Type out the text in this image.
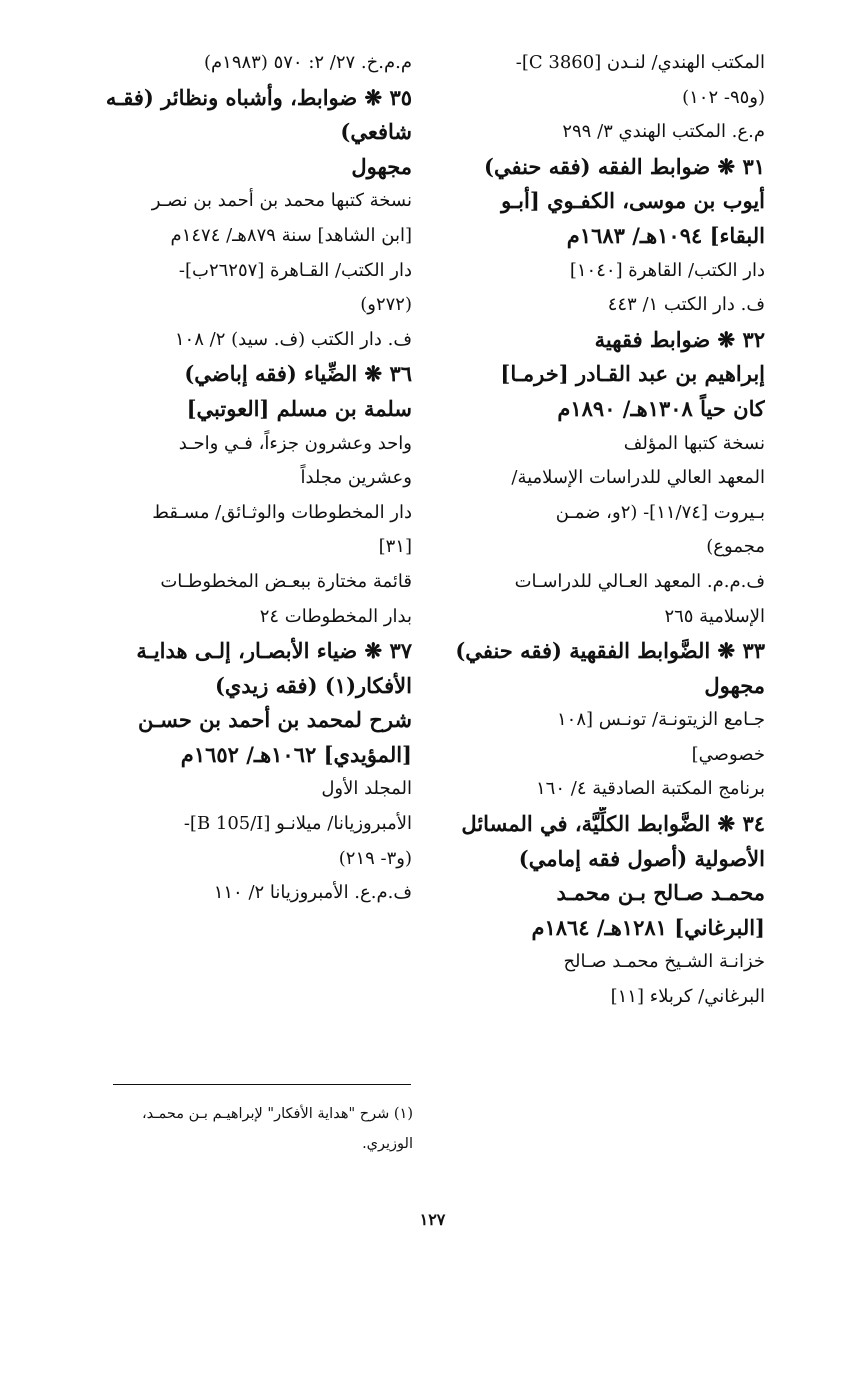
المكتب الهندي/ لنـدن [3860 C]-
(و٩٥- ١٠٢)
م.ع. المكتب الهندي ٣/ ٢٩٩
٣١ ❋ ضوابط الفقه (فقه حنفي)
أيوب بن موسى، الكفـوي [أبـو
البقاء] ١٠٩٤هـ/ ١٦٨٣م
دار الكتب/ القاهرة [١٠٤٠]
ف. دار الكتب ١/ ٤٤٣
٣٢ ❋ ضوابط فقهية
إبراهيم بن عبد القـادر [خرمـا]
كان حياً ١٣٠٨هـ/ ١٨٩٠م
نسخة كتبها المؤلف
المعهد العالي للدراسات الإسلامية/
بـيروت [١١/٧٤]- (٢و، ضمـن
مجموع)
ف.م.م. المعهد العـالي للدراسـات
الإسلامية ٢٦٥
٣٣ ❋ الضَّوابط الفقهية (فقه حنفي)
مجهول
جـامع الزيتونـة/ تونـس [١٠٨
خصوصي]
برنامج المكتبة الصادقية ٤/ ١٦٠
٣٤ ❋ الضَّوابط الكلِّيَّة، في المسائل
الأصولية (أصول فقه إمامي)
محمـد صـالح بـن محمـد
[البرغاني] ١٢٨١هـ/ ١٨٦٤م
خزانـة الشـيخ محمـد صـالح
البرغاني/ كربلاء [١١]
م.م.خ. ٢٧/ ٢: ٥٧٠ (١٩٨٣م)
٣٥ ❋ ضوابط، وأشباه ونظائر (فقـه
شافعي)
مجهول
نسخة كتبها محمد بن أحمد بن نصـر
[ابن الشاهد] سنة ٨٧٩هـ/ ١٤٧٤م
دار الكتب/ القـاهرة [٢٦٢٥٧ب]-
(٢٧٢و)
ف. دار الكتب (ف. سيد) ٢/ ١٠٨
٣٦ ❋ الضِّياء (فقه إباضي)
سلمة بن مسلم [العوتبي]
واحد وعشرون جزءاً، فـي واحـد
وعشرين مجلداً
دار المخطوطات والوثـائق/ مسـقط
[٣١]
قائمة مختارة ببعـض المخطوطـات
بدار المخطوطات ٢٤
٣٧ ❋ ضياء الأبصـار، إلـى هدايـة
الأفكار(١) (فقه زيدي)
شرح لمحمد بن أحمد بن حسـن
[المؤيدي] ١٠٦٢هـ/ ١٦٥٢م
المجلد الأول
الأمبروزيانا/ ميلانـو [B 105/I]-
(و٣- ٢١٩)
ف.م.ع. الأمبروزيانا ٢/ ١١٠
(١) شرح "هداية الأفكار" لإبراهيـم بـن محمـد،
الوزيري.
١٢٧
